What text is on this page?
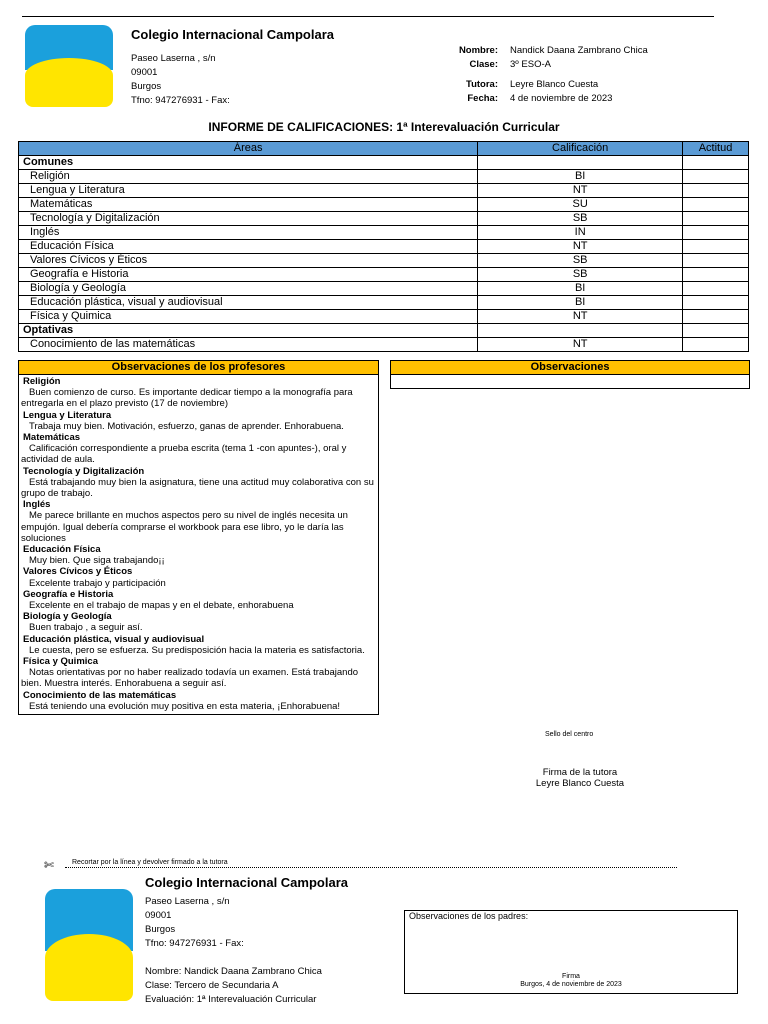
Colegio Internacional Campolara
Paseo Laserna , s/n
09001
Burgos
Tfno: 947276931 - Fax:
Nombre: Nandick Daana Zambrano Chica
Clase: 3º ESO-A
Tutora: Leyre Blanco Cuesta
Fecha: 4 de noviembre de 2023
INFORME DE CALIFICACIONES: 1ª Interevaluación Curricular
Áreas	Calificación	Actitud
Comunes		
Religión	BI	
Lengua y Literatura	NT	
Matemáticas	SU	
Tecnología y Digitalización	SB	
Inglés	IN	
Educación Física	NT	
Valores Cívicos y Éticos	SB	
Geografía e Historia	SB	
Biología y Geología	BI	
Educación plástica, visual y audiovisual	BI	
Física y Quimica	NT	
Optativas		
Conocimiento de las matemáticas	NT	
Observaciones de los profesores
Religión
Buen comienzo de curso. Es importante dedicar tiempo a la monografía para entregarla en el plazo previsto (17 de noviembre)
Lengua y Literatura
Trabaja muy bien. Motivación, esfuerzo, ganas de aprender. Enhorabuena.
Matemáticas
Calificación correspondiente a prueba escrita (tema 1 -con apuntes-), oral y actividad de aula.
Tecnología y Digitalización
Está trabajando muy bien la asignatura, tiene una actitud muy colaborativa con su grupo de trabajo.
Inglés
Me parece brillante en muchos aspectos pero su nivel de inglés necesita un empujón. Igual debería comprarse el workbook para ese libro, yo le daría las soluciones
Educación Física
Muy bien. Que siga trabajando¡¡
Valores Cívicos y Éticos
Excelente trabajo y participación
Geografía e Historia
Excelente en el trabajo de mapas y en el debate, enhorabuena
Biología y Geología
Buen trabajo , a seguir así.
Educación plástica, visual y audiovisual
Le cuesta, pero se esfuerza. Su predisposición hacia la materia es satisfactoria.
Física y Quimica
Notas orientativas por no haber realizado todavía un examen. Está trabajando bien. Muestra interés. Enhorabuena a seguir así.
Conocimiento de las matemáticas
Está teniendo una evolución muy positiva en esta materia, ¡Enhorabuena!
Observaciones
Sello del centro
Firma de la tutora
Leyre Blanco Cuesta
✄	Recortar por la línea y devolver firmado a la tutora
Colegio Internacional Campolara
Paseo Laserna , s/n
09001
Burgos
Tfno: 947276931 - Fax:
Nombre: Nandick Daana Zambrano Chica
Clase: Tercero de Secundaria A
Evaluación: 1ª Interevaluación Curricular
Observaciones de los padres:
Firma
Burgos, 4 de noviembre de 2023
